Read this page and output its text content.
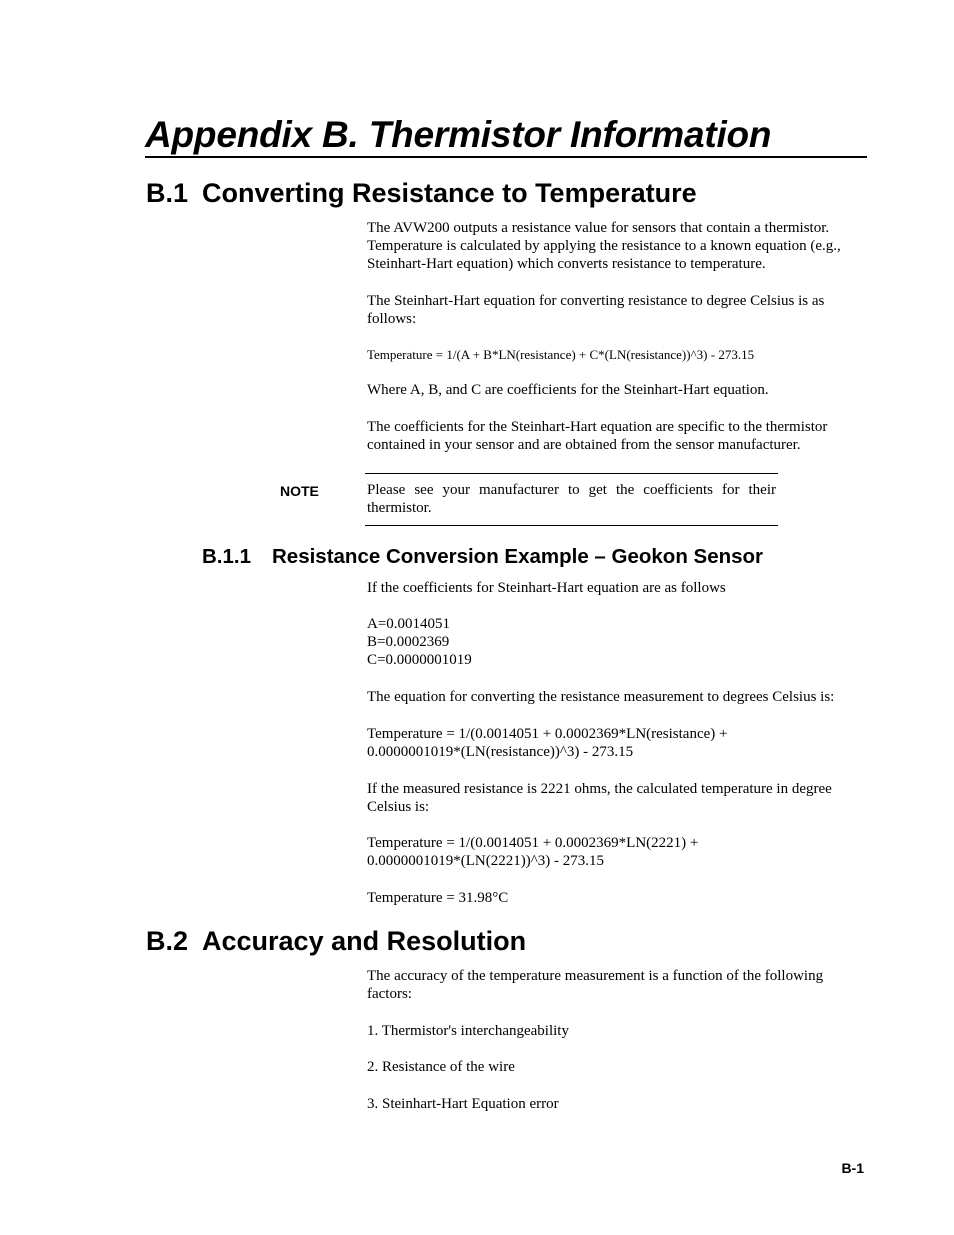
Appendix B. Thermistor Information
B.1 Converting Resistance to Temperature

The AVW200 outputs a resistance value for sensors that contain a thermistor. Temperature is calculated by applying the resistance to a known equation (e.g., Steinhart-Hart equation) which converts resistance to temperature.

The Steinhart-Hart equation for converting resistance to degree Celsius is as follows:

Temperature = 1/(A + B*LN(resistance) + C*(LN(resistance))^3) - 273.15

Where A, B, and C are coefficients for the Steinhart-Hart equation.

The coefficients for the Steinhart-Hart equation are specific to the thermistor contained in your sensor and are obtained from the sensor manufacturer.

NOTE	Please see your manufacturer to get the coefficients for their thermistor.

B.1.1 Resistance Conversion Example – Geokon Sensor

If the coefficients for Steinhart-Hart equation are as follows

A=0.0014051
B=0.0002369
C=0.0000001019

The equation for converting the resistance measurement to degrees Celsius is:

Temperature = 1/(0.0014051 + 0.0002369*LN(resistance) +
0.0000001019*(LN(resistance))^3) - 273.15

If the measured resistance is 2221 ohms, the calculated temperature in degree Celsius is:

Temperature = 1/(0.0014051 + 0.0002369*LN(2221) +
0.0000001019*(LN(2221))^3) - 273.15

Temperature = 31.98°C

B.2 Accuracy and Resolution

The accuracy of the temperature measurement is a function of the following factors:

1. Thermistor's interchangeability

2. Resistance of the wire

3. Steinhart-Hart Equation error

B-1
